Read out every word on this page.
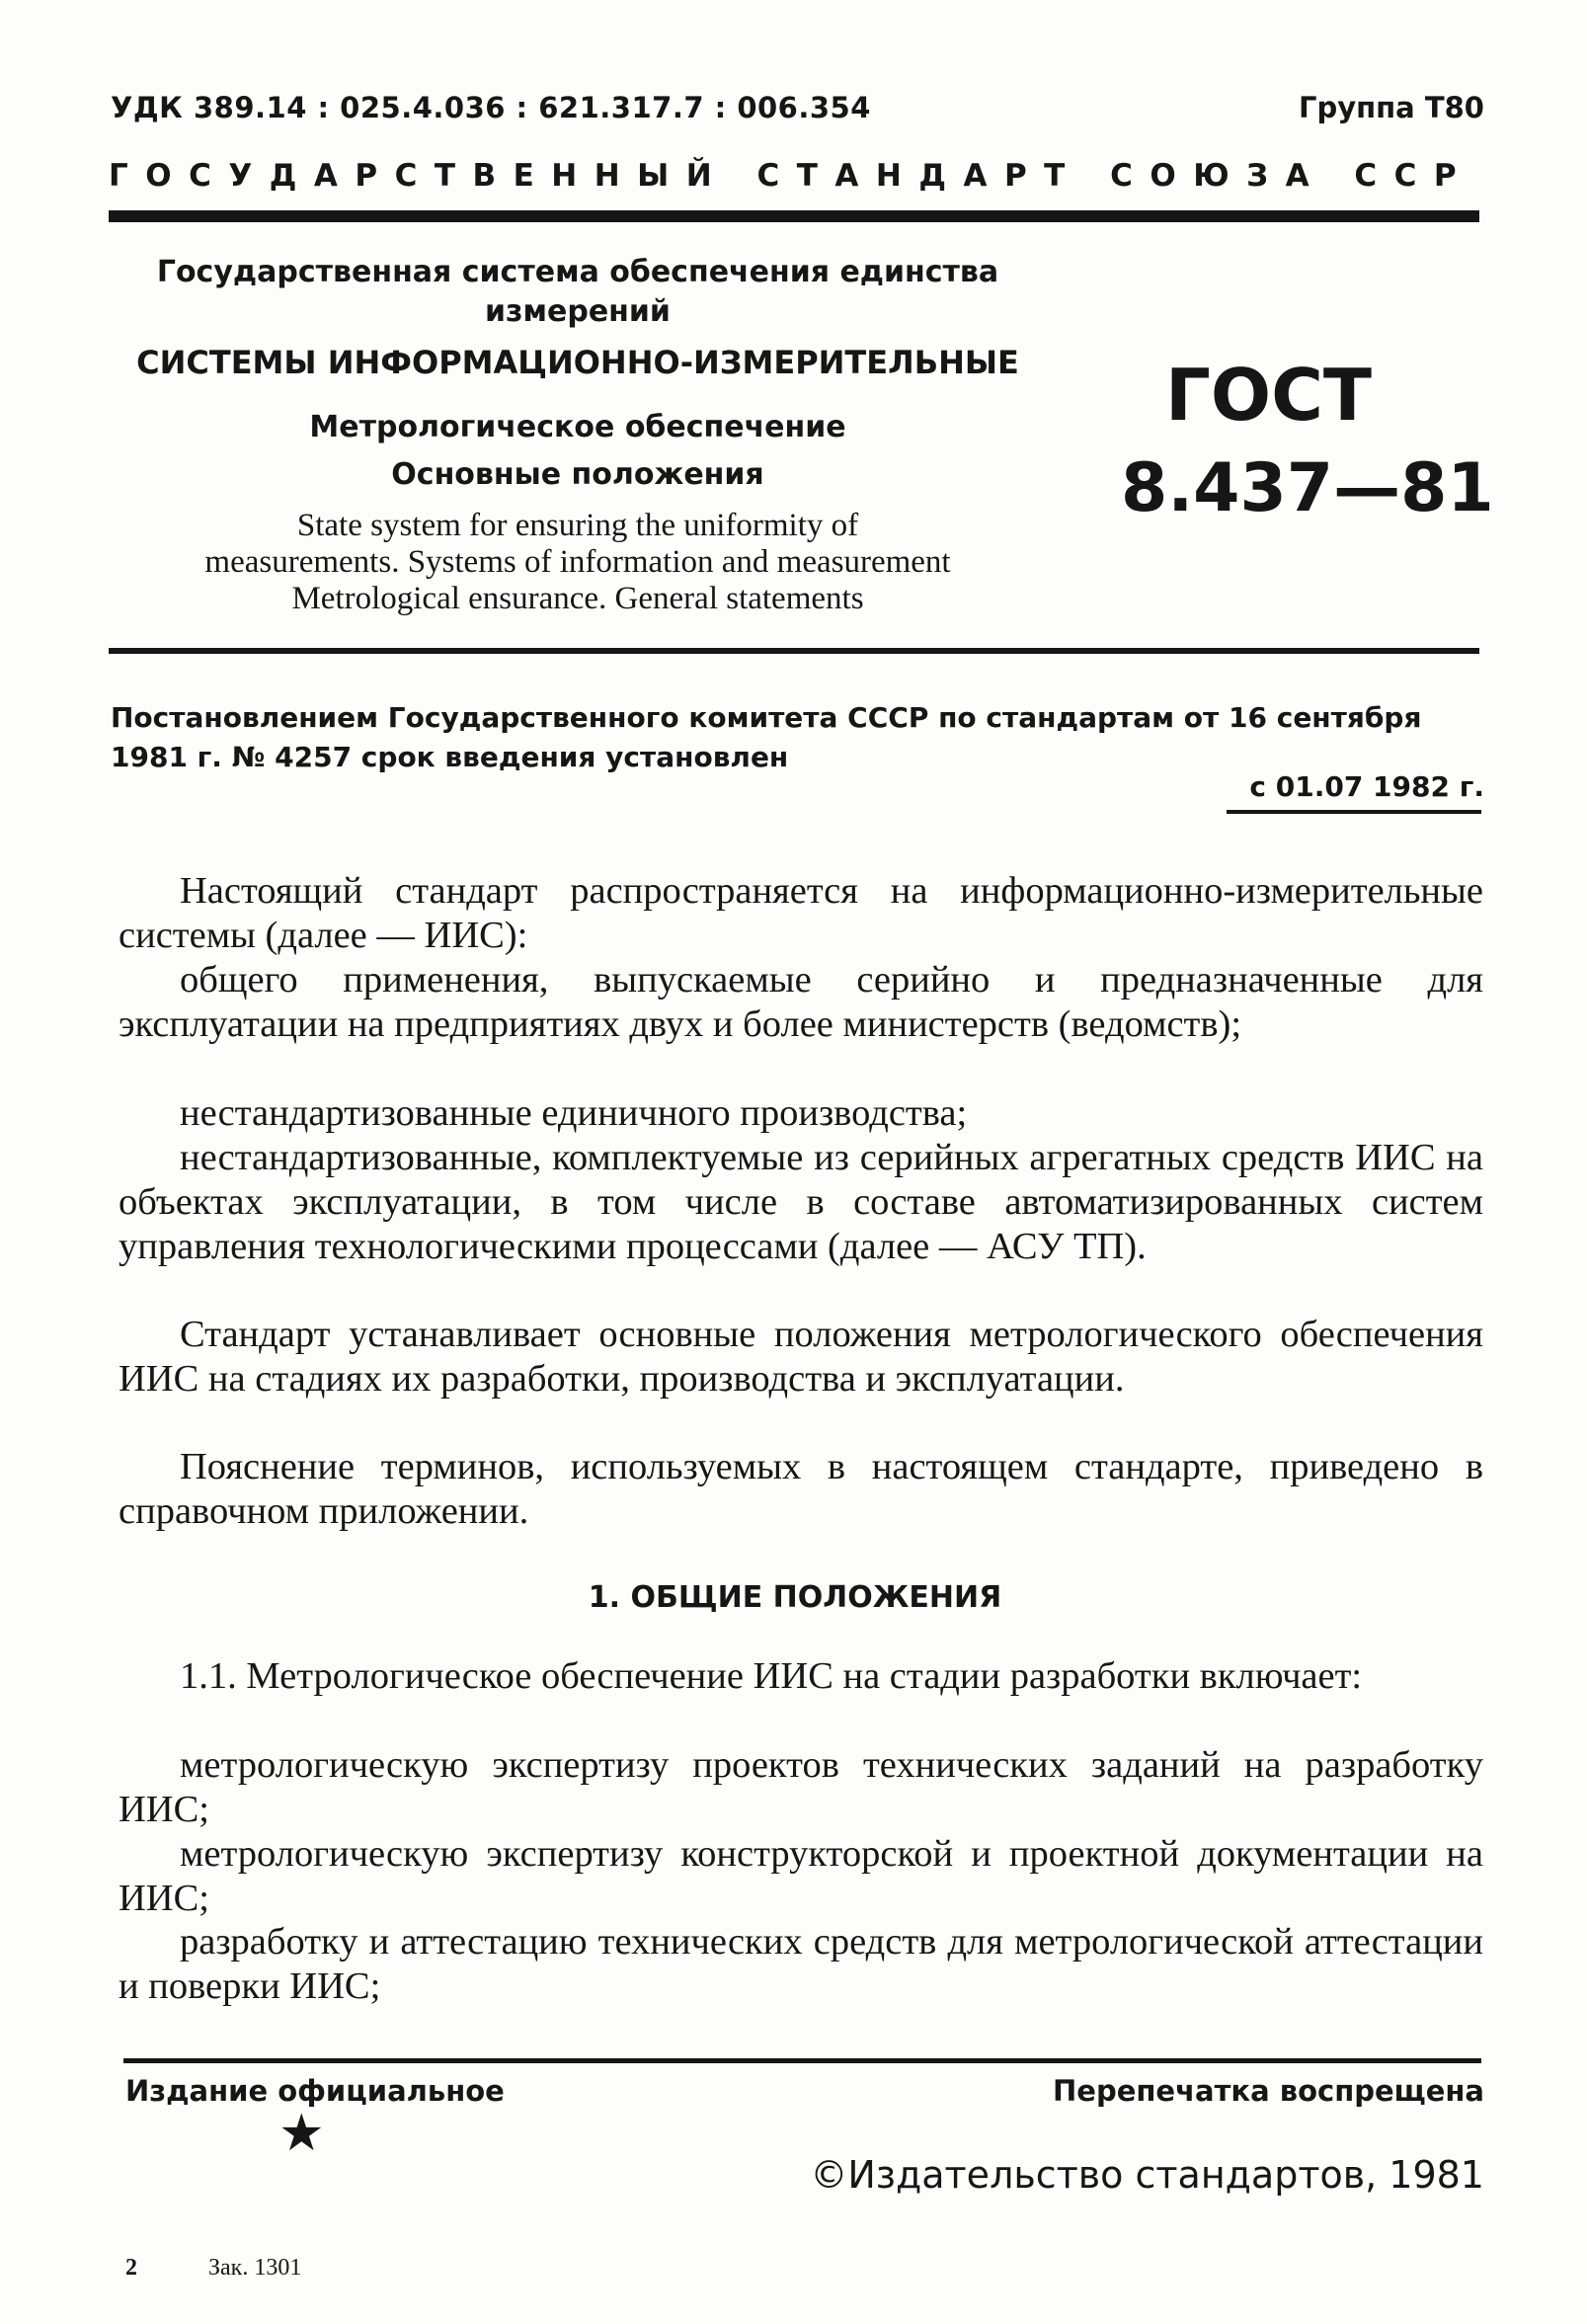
УДК 389.14 : 025.4.036 : 621.317.7 : 006.354	Группа Т80
ГОСУДАРСТВЕННЫЙ СТАНДАРТ СОЮЗА ССР
Государственная система обеспечения единства
измерений
СИСТЕМЫ ИНФОРМАЦИОННО-ИЗМЕРИТЕЛЬНЫЕ
Метрологическое обеспечение
Основные положения
State system for ensuring the uniformity of
measurements. Systems of information and measurement
Metrological ensurance. General statements
ГОСТ
8.437—81
Постановлением Государственного комитета СССР по стандартам от 16 сентября 1981 г. № 4257 срок введения установлен
с 01.07 1982 г.
Настоящий стандарт распространяется на информационно-измерительные системы (далее — ИИС):
общего применения, выпускаемые серийно и предназначенные для эксплуатации на предприятиях двух и более министерств (ведомств);
нестандартизованные единичного производства;
нестандартизованные, комплектуемые из серийных агрегатных средств ИИС на объектах эксплуатации, в том числе в составе автоматизированных систем управления технологическими процессами (далее — АСУ ТП).
Стандарт устанавливает основные положения метрологического обеспечения ИИС на стадиях их разработки, производства и эксплуатации.
Пояснение терминов, используемых в настоящем стандарте, приведено в справочном приложении.
1. ОБЩИЕ ПОЛОЖЕНИЯ
1.1. Метрологическое обеспечение ИИС на стадии разработки включает:
метрологическую экспертизу проектов технических заданий на разработку ИИС;
метрологическую экспертизу конструкторской и проектной документации на ИИС;
разработку и аттестацию технических средств для метрологической аттестации и поверки ИИС;
Издание официальное	Перепечатка воспрещена
★
©Издательство стандартов, 1981
2	Зак. 1301
